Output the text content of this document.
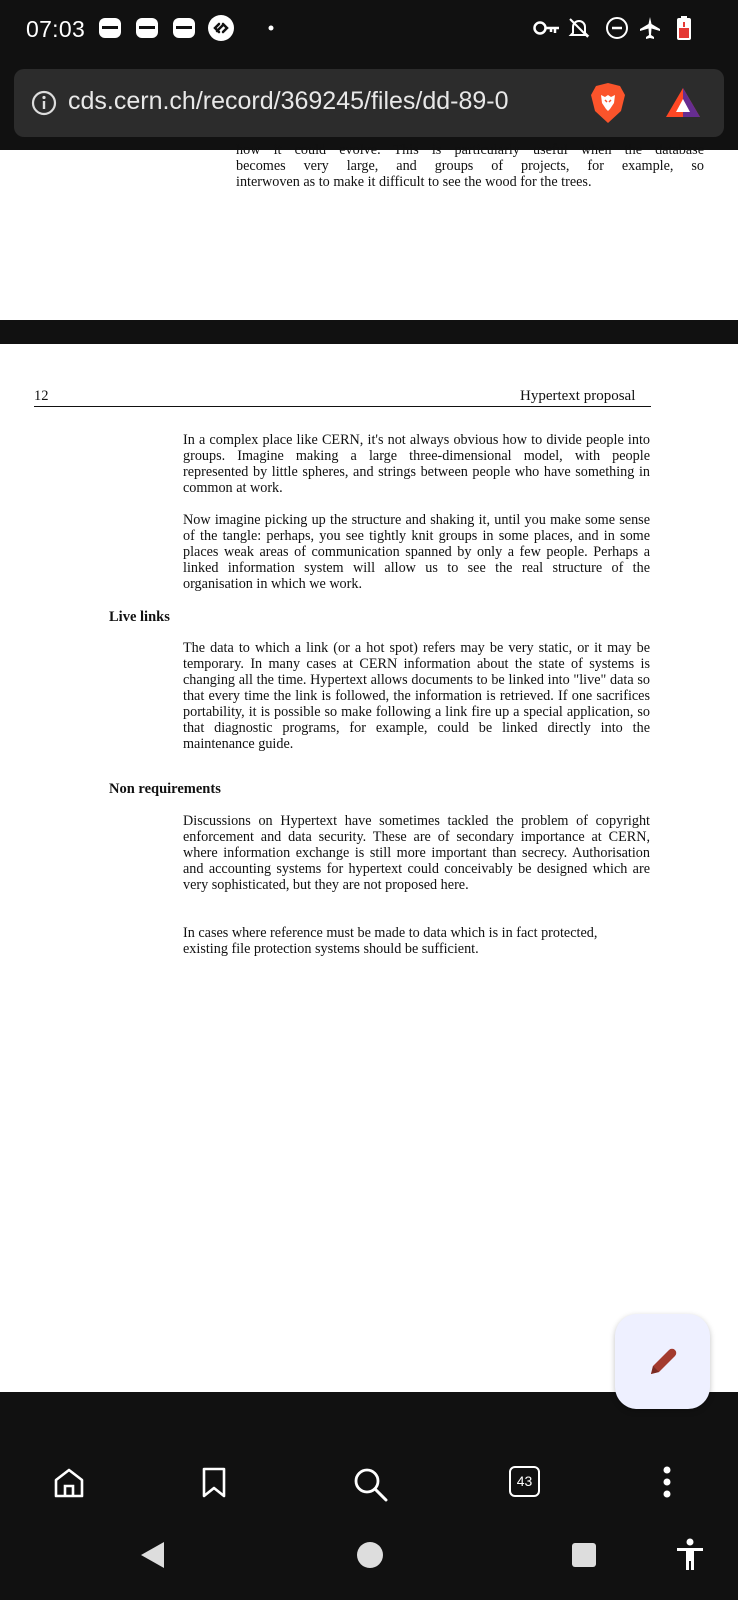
07:03
cds.cern.ch/record/369245/files/dd-89-0
how it could evolve. This is particularly useful when the database
becomes very large, and groups of projects, for example, so
interwoven as to make it difficult to see the wood for the trees.
12	Hypertext proposal
In a complex place like CERN, it's not always obvious how to divide people into groups. Imagine making a large three-dimensional model, with people represented by little spheres, and strings between people who have something in common at work.
Now imagine picking up the structure and shaking it, until you make some sense of the tangle: perhaps, you see tightly knit groups in some places, and in some places weak areas of communication spanned by only a few people. Perhaps a linked information system will allow us to see the real structure of the organisation in which we work.
Live links
The data to which a link (or a hot spot) refers may be very static, or it may be temporary. In many cases at CERN information about the state of systems is changing all the time. Hypertext allows documents to be linked into "live" data so that every time the link is followed, the information is retrieved. If one sacrifices portability, it is possible so make following a link fire up a special application, so that diagnostic programs, for example, could be linked directly into the maintenance guide.
Non requirements
Discussions on Hypertext have sometimes tackled the problem of copyright enforcement and data security. These are of secondary importance at CERN, where information exchange is still more important than secrecy. Authorisation and accounting systems for hypertext could conceivably be designed which are very sophisticated, but they are not proposed here.
In cases where reference must be made to data which is in fact protected, existing file protection systems should be sufficient.
43
